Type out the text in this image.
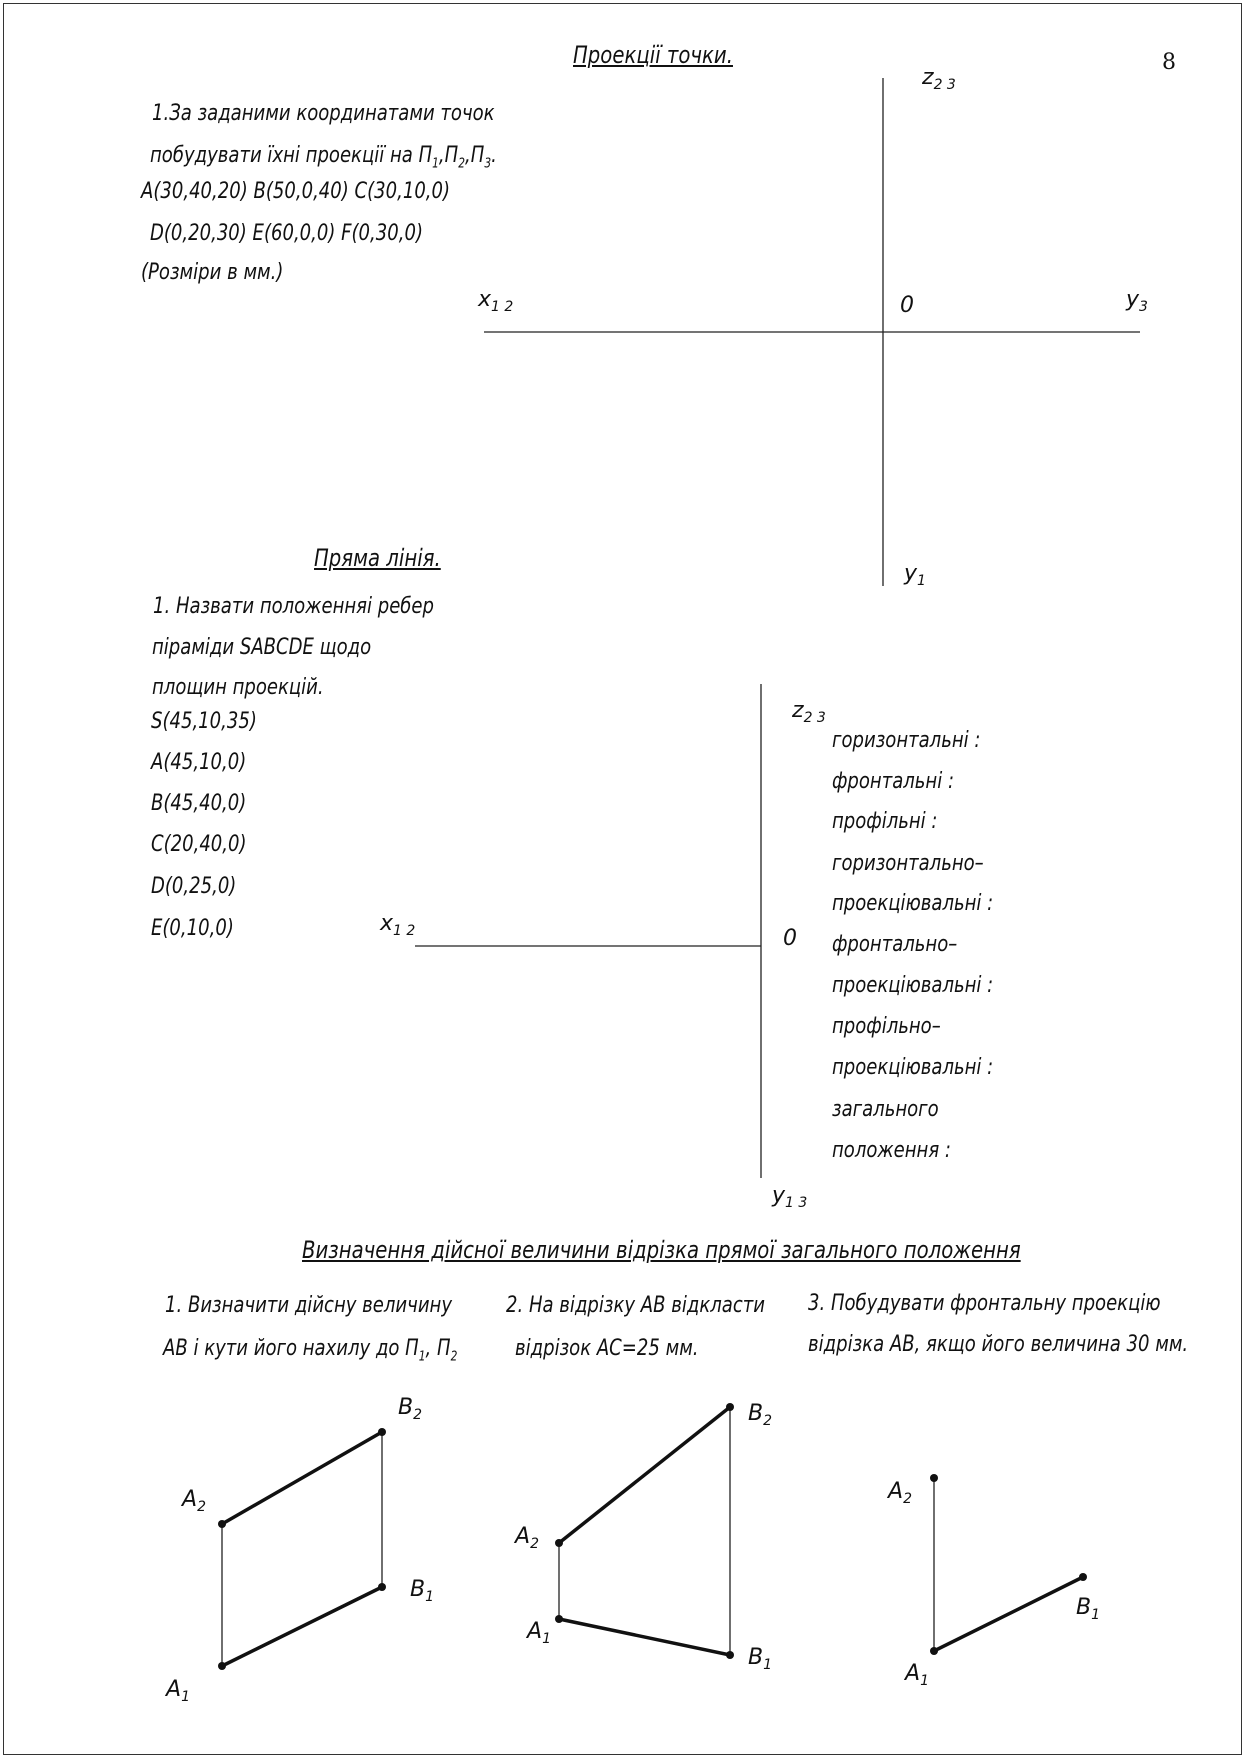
8
Проекції точки.
1.За заданими координатами точок
побудувати їхні проекції на $П_1,П_2,П_3$.
A(30,40,20) B(50,0,40) C(30,10,0)
D(0,20,30) E(60,0,0) F(0,30,0)
(Розміри в мм.)
Пряма лінія.
1. Назвати положенняі ребер
піраміди SABCDE щодо
площин проекцій.
S(45,10,35)
A(45,10,0)
B(45,40,0)
C(20,40,0)
D(0,25,0)
E(0,10,0)
горизонтальні :
фронтальні :
профільні :
горизонтально–
проекціювальні :
фронтально–
проекціювальні :
профільно–
проекціювальні :
загального
положення :
Визначення дійсної величини відрізка прямої загального положення
1. Визначити дійсну величину
AB і кути його нахилу до $П_1$, $П_2$
2. На відрізку AB відкласти
відрізок AC=25 мм.
3. Побудувати фронтальну проекцію
відрізка AB, якщо його величина 30 мм.
$z_{2 3}$
$x_{1 2}$	0	$y_3$
$y_1$
$z_{2 3}$
$x_{1 2}$	0
$y_{1 3}$
$A_2$
$B_2$
$B_1$
$A_1$
$A_2$
$B_2$
$A_1$
$B_1$
$A_2$
$B_1$
$A_1$
